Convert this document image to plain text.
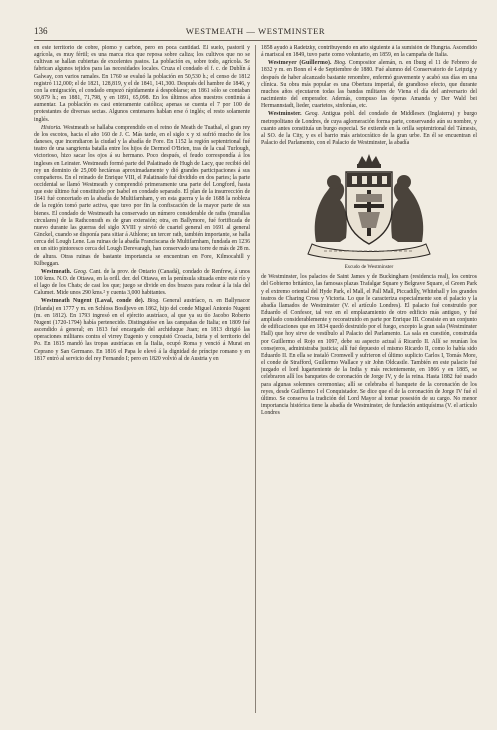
136	WESTMEATH — WESTMINSTER

en este territorio de cobre, plomo y carbón, pero en poca cantidad. El suelo, pastoril y agrícola, es muy fértil; es una marca rica que reposa sobre caliza; los cultivos que no se cultivan se hallan cubiertas de excelentes pastos. La población es, sobre todo, agrícola. Se fabrican algunos tejidos para las necesidades locales. Cruza el condado el f. c. de Dublín á Galway, con varios ramales. En 1760 se evaluó la población en 50,530 h.; el censo de 1812 registró 112,000; el de 1821, 128,819, y el de 1841, 141,300. Después del hambre de 1846, y con la emigración, el condado empezó rápidamente á despoblarse; en 1861 sólo se contaban 90,879 h.; en 1881, 71,798, y en 1891, 65,098. En los últimos años nuestros continúa á aumentar. La población es casi enteramente católica; apenas se cuenta el 7 por 100 de protestantes de diversas sectas. Algunos centenares hablan erse ó inglés; el resto solamente inglés.

Historia. Westmeath se hallaba comprendido en el reino de Meath de Tuathal, el gran rey de los escotos, hacia el año 160 de J. C. Más tarde, en el siglo x y xi sufrió mucho de los daneses, que incendiaron la ciudad y la abadía de Fore. En 1152 la región septentrional fué teatro de una sangrienta batalla entre los hijos de Dermod O'Brien, tras de la cual Turlough, victorioso, hizo sacar los ojos á su hermano. Poco después, el feudo correspondía á los ingleses en Leinster. Westmeath formó parte del Palatinado de Hugh de Lacy, que recibió del rey un dominio de 25,000 hectáreas aproximadamente y dió grandes participaciones á sus compañeros. En el reinado de Enrique VIII, el Palatinado fué dividido en dos partes; la parte occidental se llamó Westmeath y comprendió primeramente una parte del Longford, hasta que este último fué constituido por Isabel en condado separado. El plan de la insurrección de 1641 fué concertado en la abadía de Multifarnham, y en esta guerra y la de 1688 la nobleza de la región tomó parte activa, que tuvo por fin la confiscación de la mayor parte de sus bienes. El condado de Westmeath ha conservado un número considerable de raths (murallas circulares) de la Rathconrath es de gran extensión; otra, en Ballymore, fué fortificada de nuevo durante las guerras del siglo XVIII y sirvió de cuartel general en 1691 al general Ginckel, cuando se disponía para sitiar á Athlone; un tercer rath, también importante, se halla cerca del Lough Lene. Las ruinas de la abadía Franciscana de Multifarnham, fundada en 1236 en un sitio pintoresco cerca del Lough Derevaragh, han conservado una torre de más de 28 m. de altura. Otras ruinas de bastante importancia se encuentran en Fore, Kilmocahill y Kilbeggan.

Westmeath. Geog. Cant. de la prov. de Ontario (Canadá), condado de Renfrew, á unos 100 kms. N.O. de Ottawa, en la orill. der. del Ottawa, en la península situada entre este río y el lago de los Chats; de casi los que; juego se divide en dos brazos para rodear á la isla del Calumet. Mide unos 290 kms.² y cuenta 3,000 habitantes.

Westmeath Nugent (Laval, conde de). Biog. General austríaco, n. en Ballynacor (Irlanda) en 1777 y m. en Schloss Bosiljevo en 1862, hijo del conde Miguel Antonio Nugent (m. en 1812). En 1793 ingresó en el ejército austríaco, al que ya su tío Jacobo Roberto Nugent (1720-1794) había pertenecido. Distinguióse en las campañas de Italia; en 1809 fué ascendido á general; en 1813 fué encargado del archiduque Juan; en 1813 dirigió las operaciones militares contra el virrey Eugenio y conquistó Croacia, Istria y el territorio del Po. En 1815 mandó las tropas austríacas en la Italia, ocupó Roma y venció á Murat en Ceprano y San Germano. En 1816 el Papa le elevó á la dignidad de príncipe romano y en 1817 entró al servicio del rey Fernando I; pero en 1820 volvió al de Austria y en

1858 ayudó á Radetzky, contribuyendo en año siguiente á la sumisión de Hungría. Ascendido á mariscal en 1849, tuvo parte como voluntario, en 1859, en la campaña de Italia.

Westmeyer (Guillermo). Biog. Compositor alemán, n. en Iburg el 11 de Febrero de 1832 y m. en Bonn el 4 de Septiembre de 1880. Fué alumno del Conservatorio de Leipzig y después de haber alcanzado bastante renombre, enfermó gravemente y acabó sus días en una clínica. Su obra más popular es una Obertura imperial, de grandioso efecto, que durante muchos años ejecutaron todas las bandas militares de Viena el día del aniversario del nacimiento del emperador. Además, compuso las óperas Amanda y Der Wald bei Hermannstadt, lieder, cuartetos, sinfonías, etc.

Westminster. Geog. Antigua pobl. del condado de Middlesex (Inglaterra) y burgo metropolitano de Londres, de cuya aglomeración forma parte, conservando aún su nombre, y cuanto antes constituía un burgo especial. Se extiende en la orilla septentrional del Támesis, al SO. de la City, y es el barrio más aristocrático de la gran urbe. En él se encuentran el Palacio del Parlamento, con el Palacio de Westminster, la abadía

Escudo de Westminster

de Westminster, los palacios de Saint James y de Buckingham (residencia real), los centros del Gobierno británico, las famosas plazas Trafalgar Square y Belgrave Square, el Green Park y el extremo oriental del Hyde Park, el Mall, el Pall Mall, Piccadilly, Whitehall y los grandes teatros de Charing Cross y Victoria. Lo que le caracteriza especialmente son el palacio y la abadía llamados de Westminster (V. el artículo Londres). El palacio fué construido por Eduardo el Confesor, tal vez en el emplazamiento de otro edificio más antiguo, y fué ampliado considerablemente y reconstruido en parte por Enrique III. Consiste en un conjunto de edificaciones que en 1834 quedó destruido por el fuego, excepto la gran sala (Westminster Hall) que hoy sirve de vestíbulo al Palacio del Parlamento. La sala en cuestión, construida por Guillermo el Rojo en 1097, debe su aspecto actual á Ricardo II. Allí se reunían los consejeros, administraba justicia; allí fué depuesto el mismo Ricardo II, como lo había sido Eduardo II. En ella se instaló Cromwell y sufrieron el último suplicio Carlos I, Tomás More, el conde de Strafford, Guillermo Wallace y sir John Oldcastle. También en este palacio fué juzgado el lord lugarteniente de la India y más recientemente, en 1866 y en 1885, se celebraron allí los banquetes de coronación de Jorge IV, y de la reina. Hasta 1882 fué usado para algunas solemnes ceremonias; allí se celebraba el banquete de la coronación de los reyes, desde Guillermo I el Conquistador. Se dice que el de la coronación de Jorge IV fué el último. Se conserva la tradición del Lord Mayor al tomar posesión de su cargo. No menor importancia histórica tiene la abadía de Westminster, de fundación antiquísima (V. el artículo Londres
